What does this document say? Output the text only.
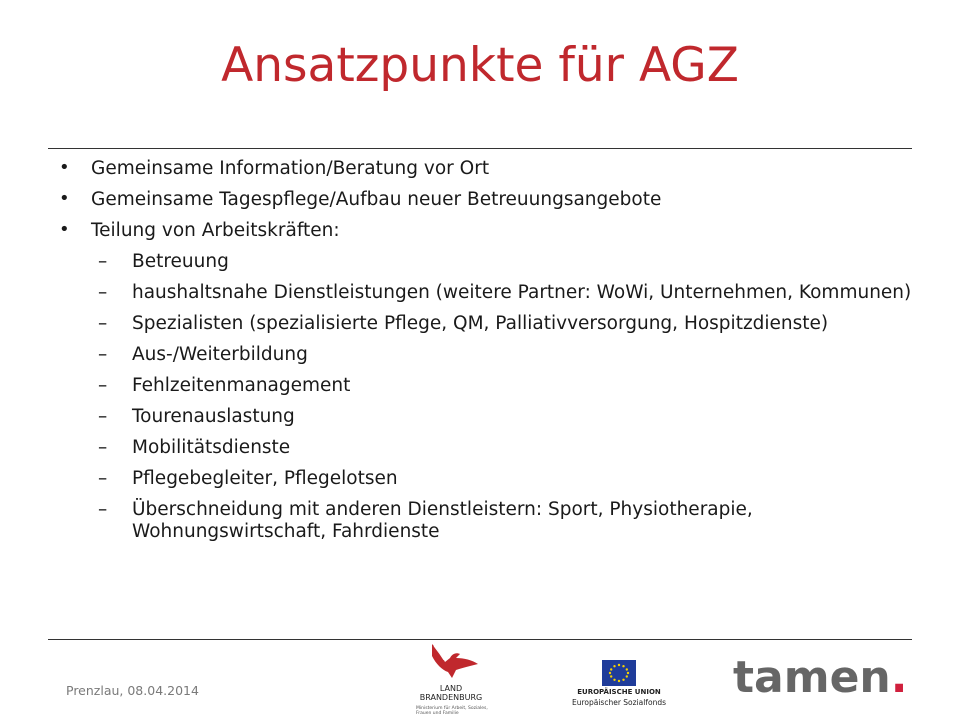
Ansatzpunkte für AGZ
• Gemeinsame Information/Beratung vor Ort
• Gemeinsame Tagespflege/Aufbau neuer Betreuungsangebote
• Teilung von Arbeitskräften:
– Betreuung
– haushaltsnahe Dienstleistungen (weitere Partner: WoWi, Unternehmen, Kommunen)
– Spezialisten (spezialisierte Pflege, QM, Palliativversorgung, Hospitzdienste)
– Aus-/Weiterbildung
– Fehlzeitenmanagement
– Tourenauslastung
– Mobilitätsdienste
– Pflegebegleiter, Pflegelotsen
– Überschneidung mit anderen Dienstleistern: Sport, Physiotherapie, Wohnungswirtschaft, Fahrdienste
Prenzlau, 08.04.2014	LAND
BRANDENBURG
Ministerium für Arbeit, Soziales, Frauen und Familie
EUROPÄISCHE UNION
Europäischer Sozialfonds	tamen.
